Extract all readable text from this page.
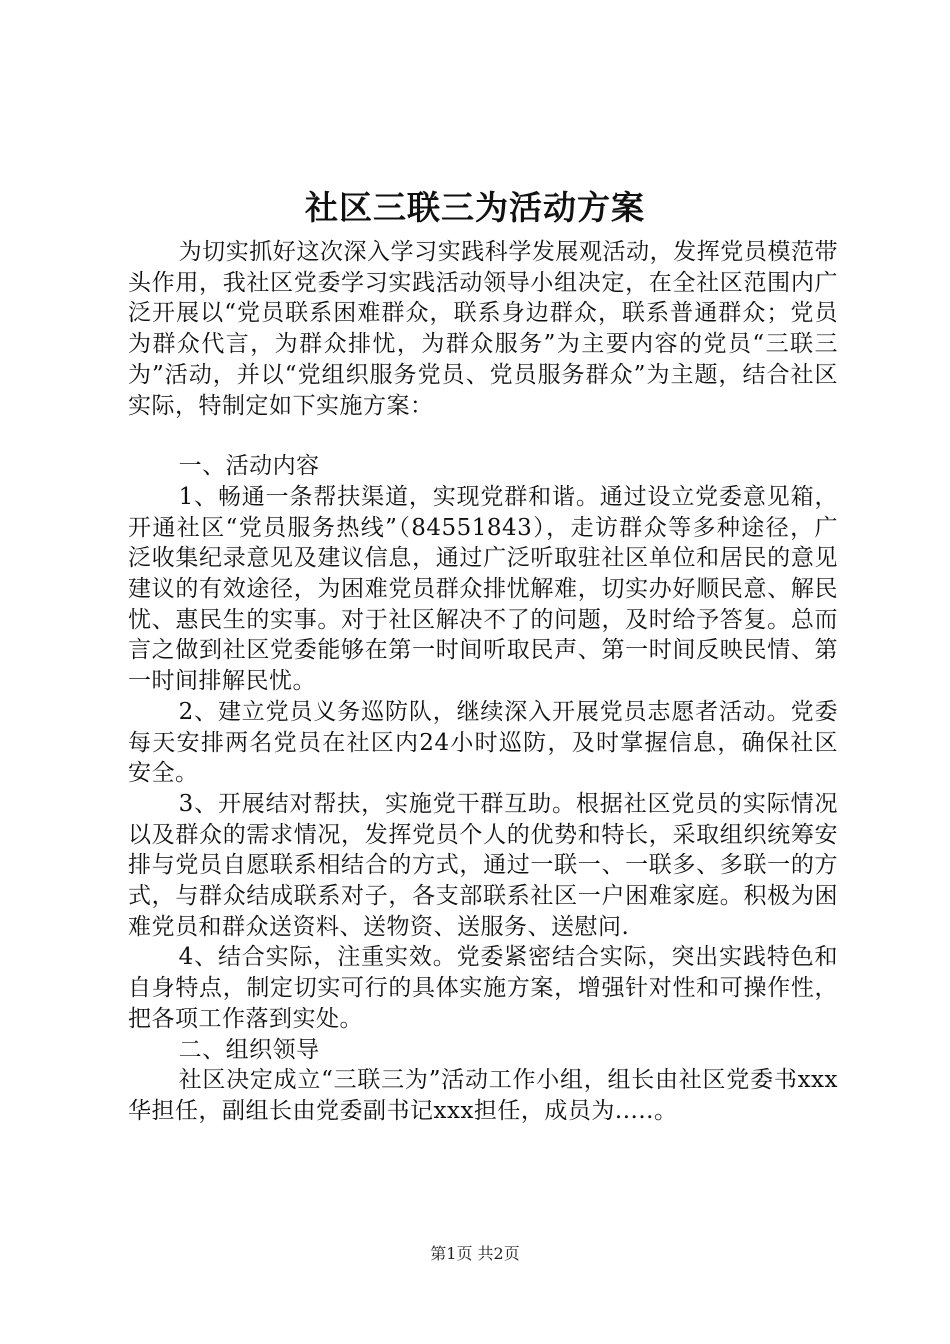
社区三联三为活动方案

为切实抓好这次深入学习实践科学发展观活动，发挥党员模范带头作用，我社区党委学习实践活动领导小组决定，在全社区范围内广泛开展以“党员联系困难群众，联系身边群众，联系普通群众；党员为群众代言，为群众排忧，为群众服务”为主要内容的党员“三联三为”活动，并以“党组织服务党员、党员服务群众”为主题，结合社区实际，特制定如下实施方案：

一、活动内容

1、畅通一条帮扶渠道，实现党群和谐。通过设立党委意见箱，开通社区“党员服务热线”（84551843），走访群众等多种途径，广泛收集纪录意见及建议信息，通过广泛听取驻社区单位和居民的意见建议的有效途径，为困难党员群众排忧解难，切实办好顺民意、解民忧、惠民生的实事。对于社区解决不了的问题，及时给予答复。总而言之做到社区党委能够在第一时间听取民声、第一时间反映民情、第一时间排解民忧。

2、建立党员义务巡防队，继续深入开展党员志愿者活动。党委每天安排两名党员在社区内24小时巡防，及时掌握信息，确保社区安全。

3、开展结对帮扶，实施党干群互助。根据社区党员的实际情况以及群众的需求情况，发挥党员个人的优势和特长，采取组织统筹安排与党员自愿联系相结合的方式，通过一联一、一联多、多联一的方式，与群众结成联系对子，各支部联系社区一户困难家庭。积极为困难党员和群众送资料、送物资、送服务、送慰问.

4、结合实际，注重实效。党委紧密结合实际，突出实践特色和自身特点，制定切实可行的具体实施方案，增强针对性和可操作性，把各项工作落到实处。

二、组织领导

社区决定成立“三联三为”活动工作小组，组长由社区党委书xxx华担任，副组长由党委副书记xxx担任，成员为.....。

第1页 共2页
